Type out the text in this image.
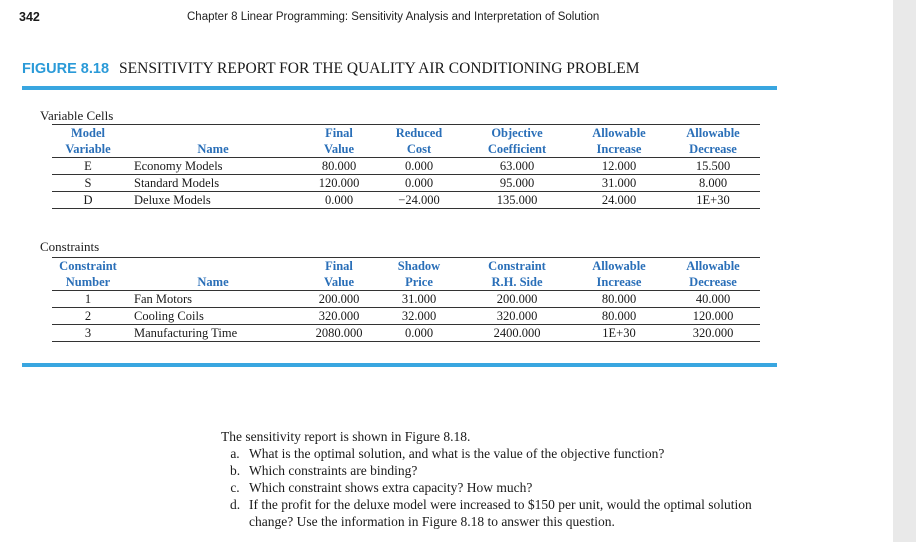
342	Chapter 8 Linear Programming: Sensitivity Analysis and Interpretation of Solution
FIGURE 8.18 SENSITIVITY REPORT FOR THE QUALITY AIR CONDITIONING PROBLEM
Variable Cells
Model		Final	Reduced	Objective	Allowable	Allowable
Variable	Name	Value	Cost	Coefficient	Increase	Decrease
E	Economy Models	80.000	0.000	63.000	12.000	15.500
S	Standard Models	120.000	0.000	95.000	31.000	8.000
D	Deluxe Models	0.000	−24.000	135.000	24.000	1E+30
Constraints
Constraint		Final	Shadow	Constraint	Allowable	Allowable
Number	Name	Value	Price	R.H. Side	Increase	Decrease
1	Fan Motors	200.000	31.000	200.000	80.000	40.000
2	Cooling Coils	320.000	32.000	320.000	80.000	120.000
3	Manufacturing Time	2080.000	0.000	2400.000	1E+30	320.000
The sensitivity report is shown in Figure 8.18.
a. What is the optimal solution, and what is the value of the objective function?
b. Which constraints are binding?
c. Which constraint shows extra capacity? How much?
d. If the profit for the deluxe model were increased to $150 per unit, would the optimal solution change? Use the information in Figure 8.18 to answer this question.
